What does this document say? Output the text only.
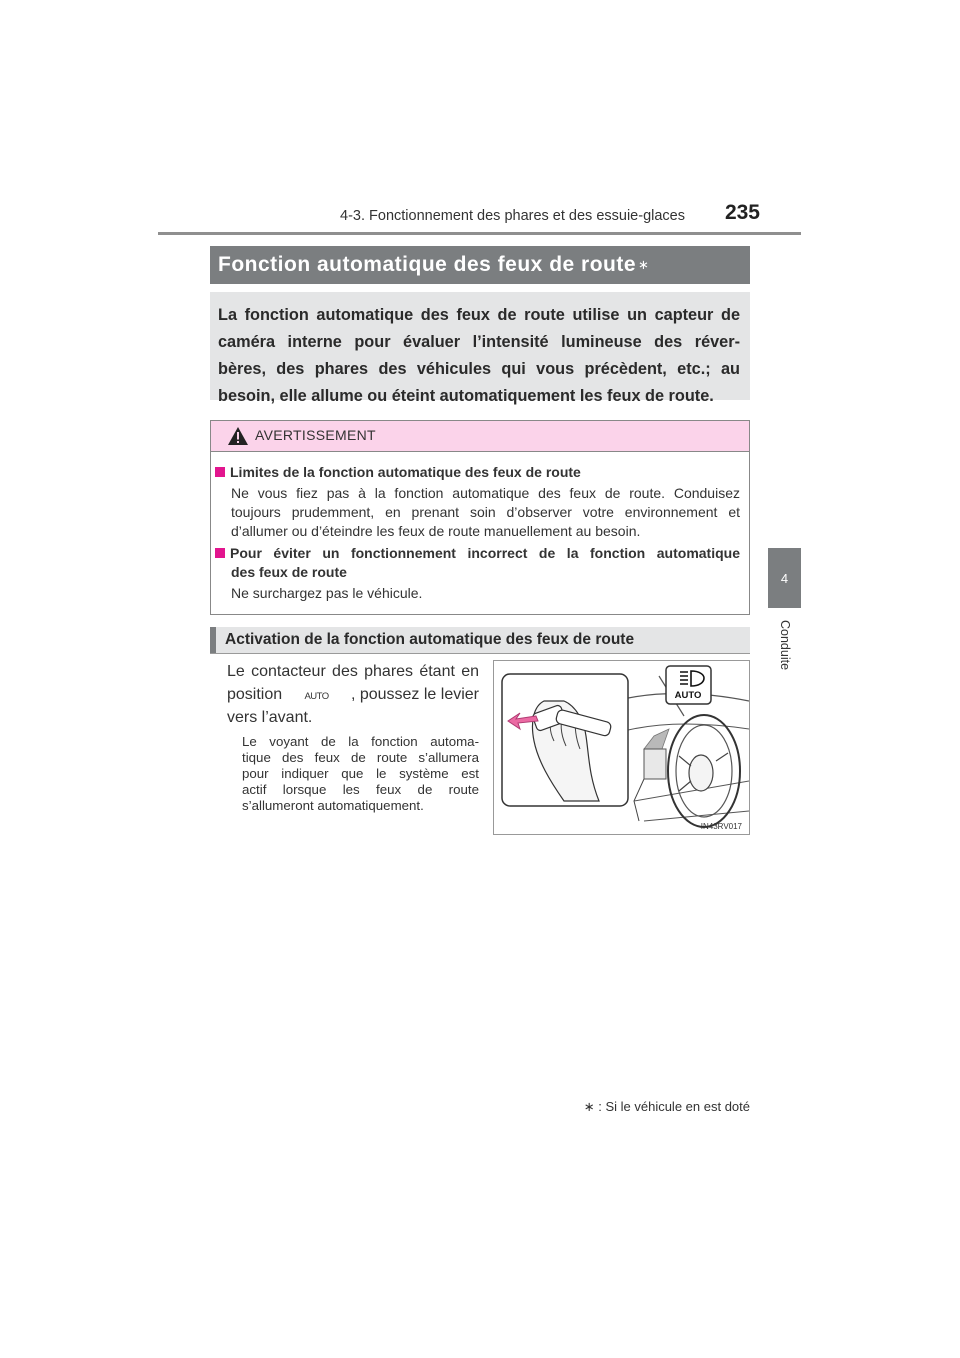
4-3. Fonctionnement des phares et des essuie-glaces	235
4
Conduite
Fonction automatique des feux de route ∗

La fonction automatique des feux de route utilise un capteur de

caméra interne pour évaluer l’intensité lumineuse des réver-

bères, des phares des véhicules qui vous précèdent, etc.; au

besoin, elle allume ou éteint automatiquement les feux de route.

AVERTISSEMENT
Limites de la fonction automatique des feux de route
Ne vous fiez pas à la fonction automatique des feux de route. Conduisez
toujours prudemment, en prenant soin d’observer votre environnement et
d’allumer ou d’éteindre les feux de route manuellement au besoin.
Pour éviter un fonctionnement incorrect de la fonction automatique
des feux de route
Ne surchargez pas le véhicule.
Activation de la fonction automatique des feux de route
Le contacteur des phares étant en
position AUTO , poussez le levier
vers l’avant.
Le voyant de la fonction automa-
tique des feux de route s’allumera
pour indiquer que le système est
actif lorsque les feux de route
s’allumeront automatiquement.
AUTO
IN43RV017
∗ : Si le véhicule en est doté
